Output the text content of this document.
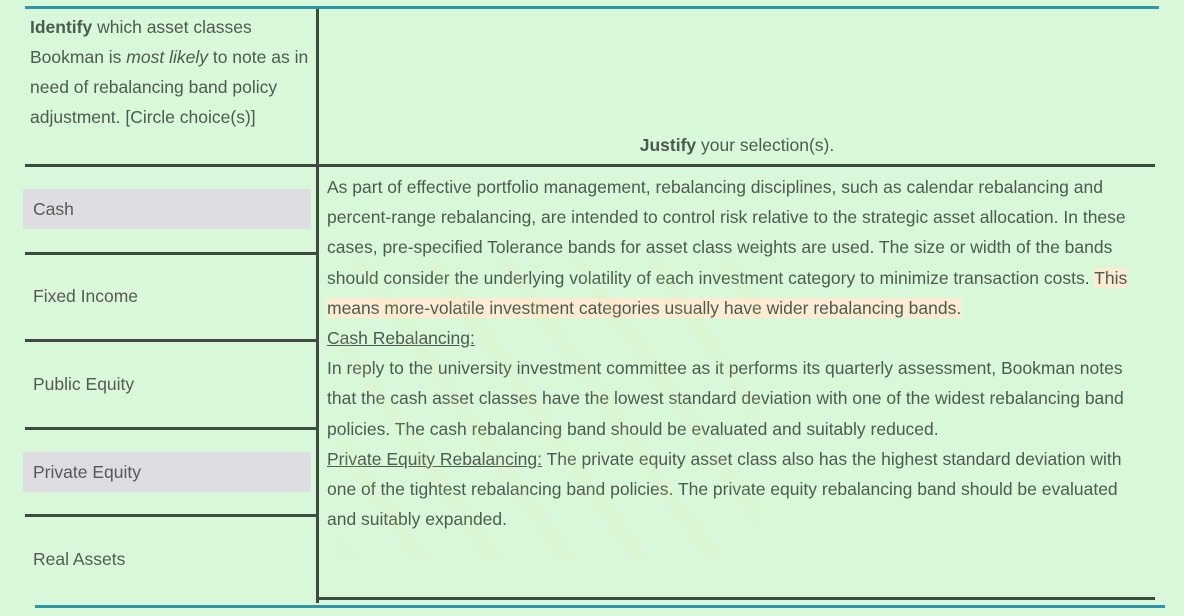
Identify which asset classes Bookman is most likely to note as in need of rebalancing band policy adjustment. [Circle choice(s)]
Justify your selection(s).
Cash
Fixed Income
Public Equity
Private Equity
Real Assets
As part of effective portfolio management, rebalancing disciplines, such as calendar rebalancing and percent-range rebalancing, are intended to control risk relative to the strategic asset allocation. In these cases, pre-specified Tolerance bands for asset class weights are used. The size or width of the bands should consider the underlying volatility of each investment category to minimize transaction costs. This means more-volatile investment categories usually have wider rebalancing bands.
Cash Rebalancing:
In reply to the university investment committee as it performs its quarterly assessment, Bookman notes that the cash asset classes have the lowest standard deviation with one of the widest rebalancing band policies. The cash rebalancing band should be evaluated and suitably reduced.
Private Equity Rebalancing: The private equity asset class also has the highest standard deviation with one of the tightest rebalancing band policies. The private equity rebalancing band should be evaluated and suitably expanded.
